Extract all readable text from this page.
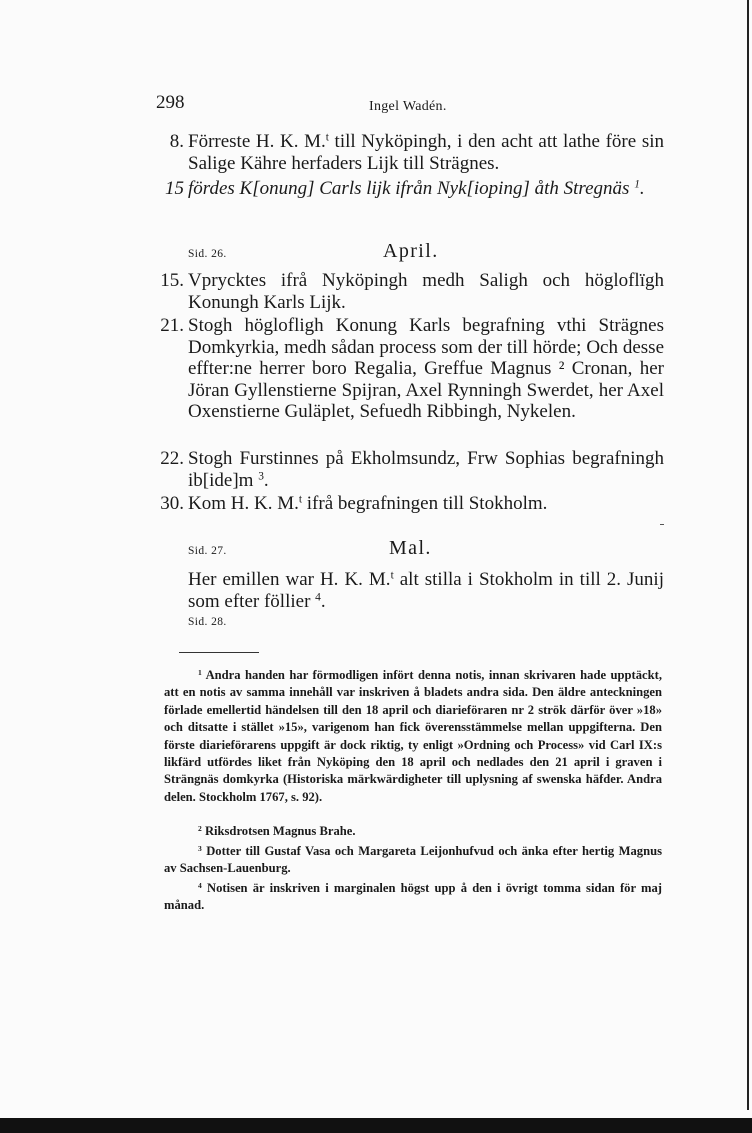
298	Ingel Wadén.
8. Förreste H. K. M.$^t$ till Nyköpingh, i den acht att lathe före sin Salige Kähre herfaders Lijk till Strägnes.
15 fördes K[onung] Carls lijk ifrån Nyk[ioping] åth Stregnäs $^1$.
Sid. 26.	April.
15. Vprycktes ifrå Nyköpingh medh Saligh och högloflïgh Konungh Karls Lijk.
21. Stogh höglofligh Konung Karls begrafning vthi Strägnes Domkyrkia, medh sådan process som der till hörde; Och desse effter:ne herrer boro Regalia, Greffue Magnus ² Cronan, her Jöran Gyllenstierne Spijran, Axel Rynningh Swerdet, her Axel Oxenstierne Guläplet, Sefuedh Ribbingh, Nykelen.
22. Stogh Furstinnes på Ekholmsundz, Frw Sophias begrafningh ib[ide]m $^3$.
30. Kom H. K. M.$^t$ ifrå begrafningen till Stokholm.
Sid. 27.	Mal.
Her emillen war H. K. M.$^t$ alt stilla i Stokholm in till 2. Junij som efter föllier $^4$.
Sid. 28.
$^1$ Andra handen har förmodligen infört denna notis, innan skrivaren hade upptäckt, att en notis av samma innehåll var inskriven å bladets andra sida. Den äldre anteckningen förlade emellertid händelsen till den 18 april och diarieföraren nr 2 strök därför över »18» och ditsatte i stället »15», varigenom han fick överensstämmelse mellan uppgifterna. Den förste diarieförarens uppgift är dock riktig, ty enligt »Ordning och Process» vid Carl IX:s likfärd utfördes liket från Nyköping den 18 april och nedlades den 21 april i graven i Strängnäs domkyrka (Historiska märkwärdigheter till uplysning af swenska häfder. Andra delen. Stockholm 1767, s. 92).
$^2$ Riksdrotsen Magnus Brahe.
$^3$ Dotter till Gustaf Vasa och Margareta Leijonhufvud och änka efter hertig Magnus av Sachsen-Lauenburg.
$^4$ Notisen är inskriven i marginalen högst upp å den i övrigt tomma sidan för maj månad.
